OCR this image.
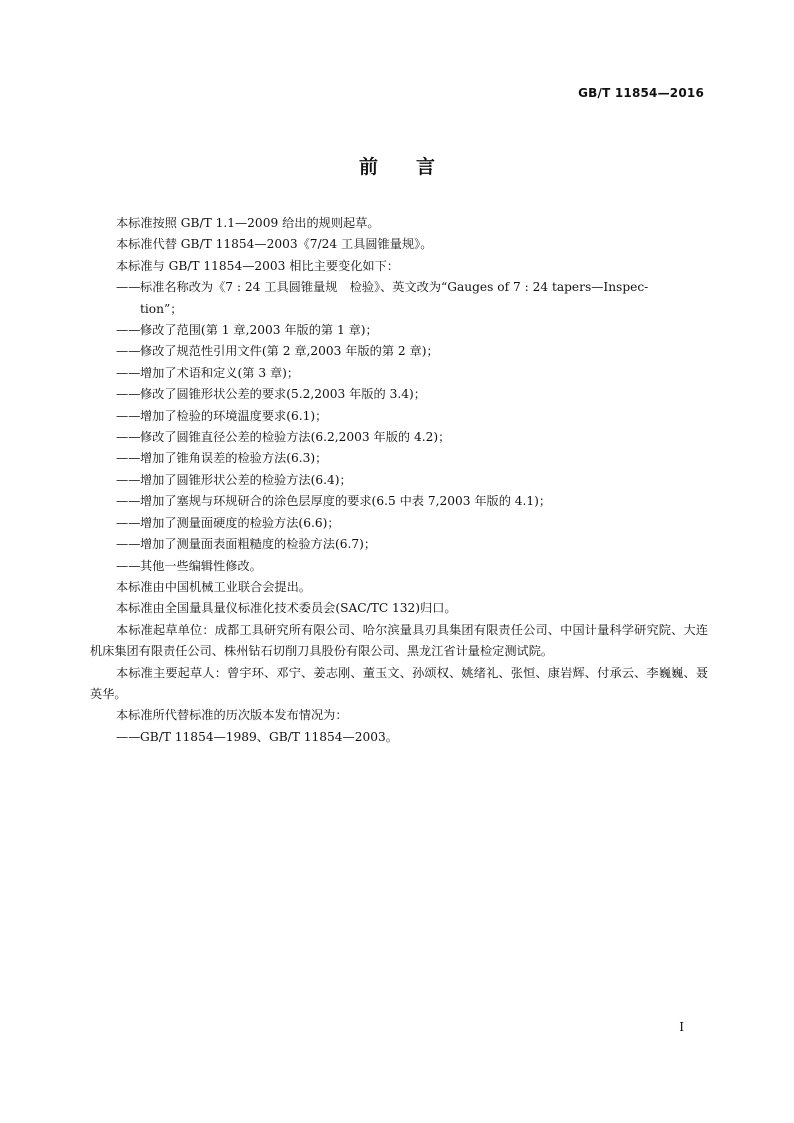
GB/T 11854—2016
前言

本标准按照 GB/T 1.1—2009 给出的规则起草。

本标准代替 GB/T 11854—2003《7/24 工具圆锥量规》。

本标准与 GB/T 11854—2003 相比主要变化如下：

——标准名称改为《7 : 24 工具圆锥量规　检验》、英文改为“Gauges of 7 : 24 tapers—Inspec-

tion”；

——修改了范围(第 1 章,2003 年版的第 1 章)；

——修改了规范性引用文件(第 2 章,2003 年版的第 2 章)；

——增加了术语和定义(第 3 章)；

——修改了圆锥形状公差的要求(5.2,2003 年版的 3.4)；

——增加了检验的环境温度要求(6.1)；

——修改了圆锥直径公差的检验方法(6.2,2003 年版的 4.2)；

——增加了锥角误差的检验方法(6.3)；

——增加了圆锥形状公差的检验方法(6.4)；

——增加了塞规与环规研合的涂色层厚度的要求(6.5 中表 7,2003 年版的 4.1)；

——增加了测量面硬度的检验方法(6.6)；

——增加了测量面表面粗糙度的检验方法(6.7)；

——其他一些编辑性修改。

本标准由中国机械工业联合会提出。

本标准由全国量具量仪标准化技术委员会(SAC/TC 132)归口。

本标准起草单位：成都工具研究所有限公司、哈尔滨量具刃具集团有限责任公司、中国计量科学研究院、大连机床集团有限责任公司、株州钻石切削刀具股份有限公司、黑龙江省计量检定测试院。

本标准主要起草人：曾宇环、邓宁、姜志刚、董玉文、孙颂权、姚绪礼、张恒、康岩辉、付承云、李巍巍、聂英华。

本标准所代替标准的历次版本发布情况为：

——GB/T 11854—1989、GB/T 11854—2003。

I
